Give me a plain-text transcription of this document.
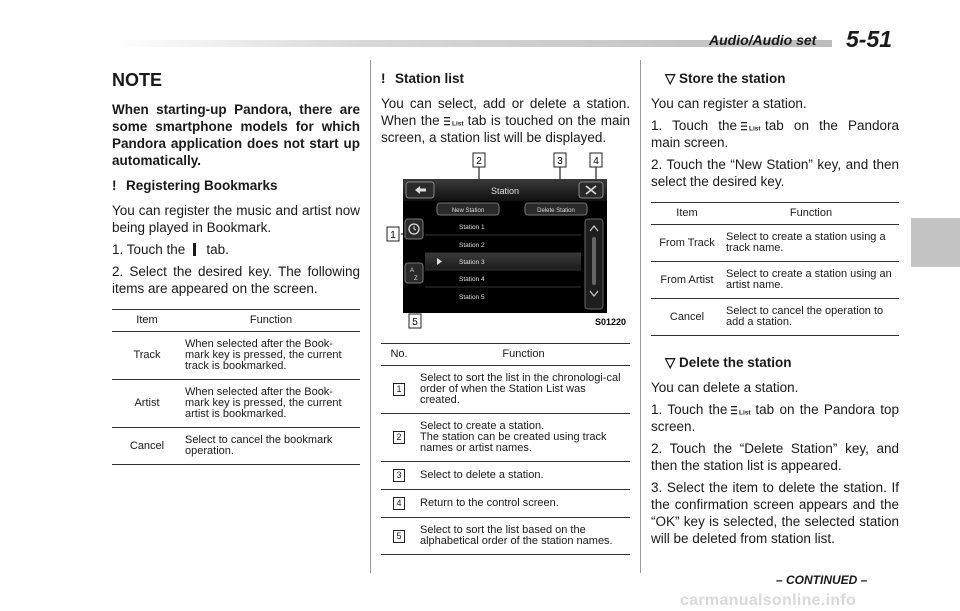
Audio/Audio set 5-51
NOTE
When starting-up Pandora, there are some smartphone models for which Pandora application does not start up automatically.
! Registering Bookmarks
You can register the music and artist now being played in Bookmark.
1. Touch the tab.
2. Select the desired key. The following items are appeared on the screen.
Item	Function
Track	When selected after the Book-mark key is pressed, the current track is bookmarked.
Artist	When selected after the Book-mark key is pressed, the current artist is bookmarked.
Cancel	Select to cancel the bookmark operation.
! Station list
You can select, add or delete a station. When the List tab is touched on the main screen, a station list will be displayed.
2	3	4
1
5	S01220
Station
New Station	Delete Station
A
Z
Station 1
Station 2
Station 3
Station 4
Station 5
No.	Function
1	Select to sort the list in the chronologi-cal order of when the Station List was created.
2	Select to create a station.
The station can be created using track names or artist names.
3	Select to delete a station.
4	Return to the control screen.
5	Select to sort the list based on the alphabetical order of the station names.
▽ Store the station
You can register a station.
1. Touch the List tab on the Pandora main screen.
2. Touch the “New Station” key, and then select the desired key.
Item	Function
From Track	Select to create a station using a track name.
From Artist	Select to create a station using an artist name.
Cancel	Select to cancel the operation to add a station.
▽ Delete the station
You can delete a station.
1. Touch the List tab on the Pandora top screen.
2. Touch the “Delete Station” key, and then the station list is appeared.
3. Select the item to delete the station. If the confirmation screen appears and the “OK” key is selected, the selected station will be deleted from station list.
– CONTINUED –
carmanualsonline.info
